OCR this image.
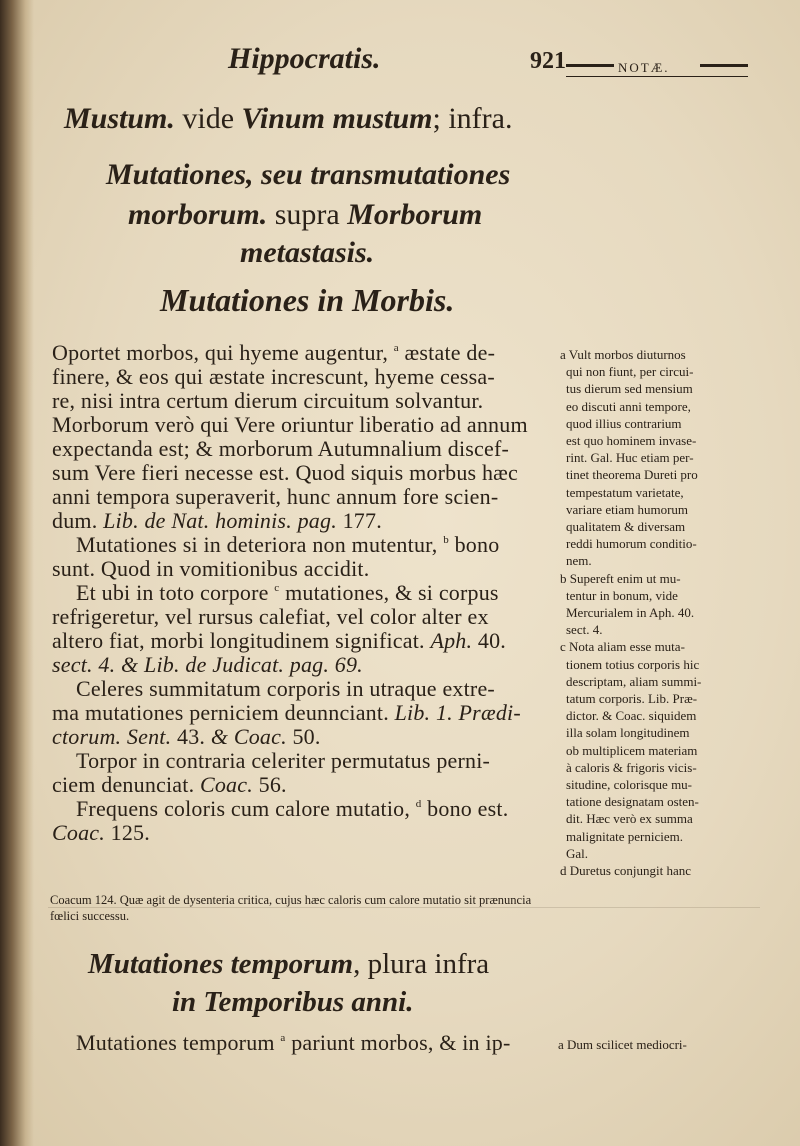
Hippocratis.	921	NOTÆ.
Mustum. vide Vinum mustum; infra.
Mutationes, seu transmutationes
morborum. supra Morborum
metastasis.
Mutationes in Morbis.
Oportet morbos, qui hyeme augentur, $^a$ æstate de-
finere, & eos qui æstate increscunt, hyeme cessa-
re, nisi intra certum dierum circuitum solvantur.
Morborum verò qui Vere oriuntur liberatio ad annum
expectanda est; & morborum Autumnalium discef-
sum Vere fieri necesse est. Quod siquis morbus hæc
anni tempora superaverit, hunc annum fore scien-
dum. Lib. de Nat. hominis. pag. 177.
Mutationes si in deteriora non mutentur, $^b$ bono
sunt. Quod in vomitionibus accidit.
Et ubi in toto corpore $^c$ mutationes, & si corpus
refrigeretur, vel rursus calefiat, vel color alter ex
altero fiat, morbi longitudinem significat. Aph. 40.
sect. 4. & Lib. de Judicat. pag. 69.
Celeres summitatum corporis in utraque extre-
ma mutationes perniciem deunnciant. Lib. 1. Prædi-
ctorum. Sent. 43. & Coac. 50.
Torpor in contraria celeriter permutatus perni-
ciem denunciat. Coac. 56.
Frequens coloris cum calore mutatio, $^d$ bono est.
Coac. 125.
a Vult morbos diuturnos
qui non fiunt, per circui-
tus dierum sed mensium
eo discuti anni tempore,
quod illius contrarium
est quo hominem invase-
rint. Gal. Huc etiam per-
tinet theorema Dureti pro
tempestatum varietate,
variare etiam humorum
qualitatem & diversam
reddi humorum conditio-
nem.
b Supereft enim ut mu-
tentur in bonum, vide
Mercurialem in Aph. 40.
sect. 4.
c Nota aliam esse muta-
tionem totius corporis hic
descriptam, aliam summi-
tatum corporis. Lib. Præ-
dictor. & Coac. siquidem
illa solam longitudinem
ob multiplicem materiam
à caloris & frigoris vicis-
situdine, colorisque mu-
tatione designatam osten-
dit. Hæc verò ex summa
malignitate perniciem.
Gal.
d Duretus conjungit hanc
Coacum 124. Quæ agit de dysenteria critica, cujus hæc caloris cum calore mutatio sit prænuncia
fœlici successu.
Mutationes temporum, plura infra
in Temporibus anni.
Mutationes temporum $^a$ pariunt morbos, & in ip-	a Dum scilicet mediocri-
